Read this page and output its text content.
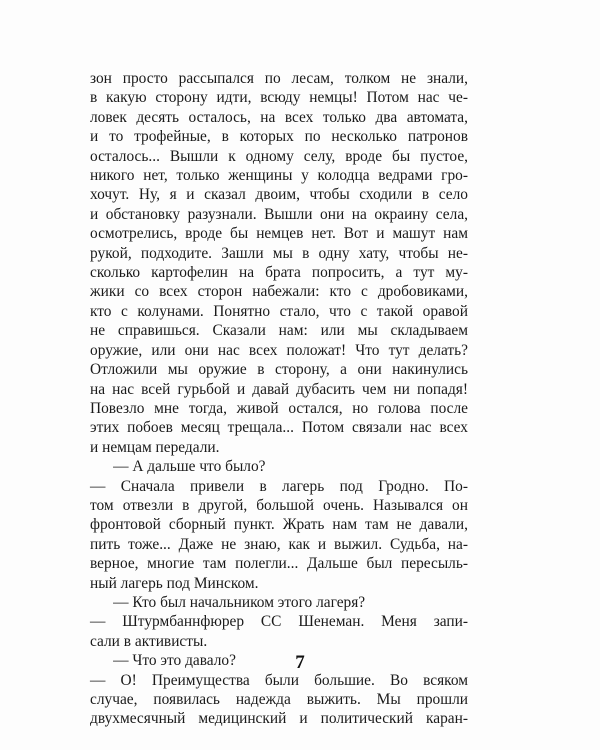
зон просто рассыпался по лесам, толком не знали,
в какую сторону идти, всюду немцы! Потом нас че-
ловек десять осталось, на всех только два автомата,
и то трофейные, в которых по несколько патронов
осталось... Вышли к одному селу, вроде бы пустое,
никого нет, только женщины у колодца ведрами гро-
хочут. Ну, я и сказал двоим, чтобы сходили в село
и обстановку разузнали. Вышли они на окраину села,
осмотрелись, вроде бы немцев нет. Вот и машут нам
рукой, подходите. Зашли мы в одну хату, чтобы не-
сколько картофелин на брата попросить, а тут му-
жики со всех сторон набежали: кто с дробовиками,
кто с колунами. Понятно стало, что с такой оравой
не справишься. Сказали нам: или мы складываем
оружие, или они нас всех положат! Что тут делать?
Отложили мы оружие в сторону, а они накинулись
на нас всей гурьбой и давай дубасить чем ни попадя!
Повезло мне тогда, живой остался, но голова после
этих побоев месяц трещала... Потом связали нас всех
и немцам передали.
— А дальше что было?
— Сначала привели в лагерь под Гродно. По-
том отвезли в другой, большой очень. Назывался он
фронтовой сборный пункт. Жрать нам там не давали,
пить тоже... Даже не знаю, как и выжил. Судьба, на-
верное, многие там полегли... Дальше был пересыль-
ный лагерь под Минском.
— Кто был начальником этого лагеря?
— Штурмбаннфюрер СС Шенеман. Меня запи-
сали в активисты.
— Что это давало?
— О! Преимущества были большие. Во всяком
случае, появилась надежда выжить. Мы прошли
двухмесячный медицинский и политический каран-
7
